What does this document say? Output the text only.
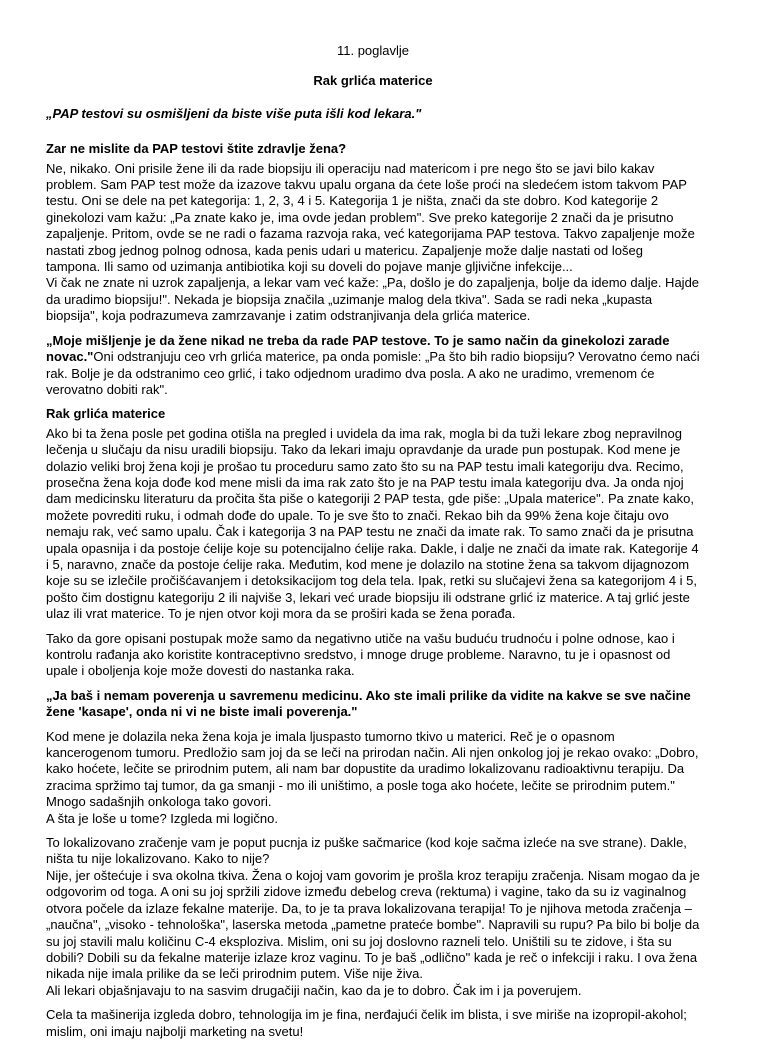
11. poglavlje
Rak grlića materice
„PAP testovi su osmišljeni da biste više puta išli kod lekara."
Zar ne mislite da PAP testovi štite zdravlje žena?
Ne, nikako. Oni prisile žene ili da rade biopsiju ili operaciju nad matericom i pre nego što se javi bilo kakav problem. Sam PAP test može da izazove takvu upalu organa da ćete loše proći na sledećem istom takvom PAP testu. Oni se dele na pet kategorija: 1, 2, 3, 4 i 5. Kategorija 1 je ništa, znači da ste dobro. Kod kategorije 2 ginekolozi vam kažu: „Pa znate kako je, ima ovde jedan problem". Sve preko kategorije 2 znači da je prisutno zapaljenje. Pritom, ovde se ne radi o fazama razvoja raka, već kategorijama PAP testova. Takvo zapaljenje može nastati zbog jednog polnog odnosa, kada penis udari u matericu. Zapaljenje može dalje nastati od lošeg tampona. Ili samo od uzimanja antibiotika koji su doveli do pojave manje gljivične infekcije...
Vi čak ne znate ni uzrok zapaljenja, a lekar vam već kaže: „Pa, došlo je do zapaljenja, bolje da idemo dalje. Hajde da uradimo biopsiju!". Nekada je biopsija značila „uzimanje malog dela tkiva". Sada se radi neka „kupasta biopsija", koja podrazumeva zamrzavanje i zatim odstranjivanja dela grlića materice.
„Moje mišljenje je da žene nikad ne treba da rade PAP testove. To je samo način da ginekolozi zarade novac."Oni odstranjuju ceo vrh grlića materice, pa onda pomisle: „Pa što bih radio biopsiju? Verovatno ćemo naći rak. Bolje je da odstranimo ceo grlić, i tako odjednom uradimo dva posla. A ako ne uradimo, vremenom će verovatno dobiti rak".
Rak grlića materice
Ako bi ta žena posle pet godina otišla na pregled i uvidela da ima rak, mogla bi da tuži lekare zbog nepravilnog lečenja u slučaju da nisu uradili biopsiju. Tako da lekari imaju opravdanje da urade pun postupak. Kod mene je dolazio veliki broj žena koji je prošao tu proceduru samo zato što su na PAP testu imali kategoriju dva. Recimo, prosečna žena koja dođe kod mene misli da ima rak zato što je na PAP testu imala kategoriju dva. Ja onda njoj dam medicinsku literaturu da pročita šta piše o kategoriji 2 PAP testa, gde piše: „Upala materice". Pa znate kako, možete povrediti ruku, i odmah dođe do upale. To je sve što to znači. Rekao bih da 99% žena koje čitaju ovo nemaju rak, već samo upalu. Čak i kategorija 3 na PAP testu ne znači da imate rak. To samo znači da je prisutna upala opasnija i da postoje ćelije koje su potencijalno ćelije raka. Dakle, i dalje ne znači da imate rak. Kategorije 4 i 5, naravno, znače da postoje ćelije raka. Međutim, kod mene je dolazilo na stotine žena sa takvom dijagnozom koje su se izlečile pročišćavanjem i detoksikacijom tog dela tela. Ipak, retki su slučajevi žena sa kategorijom 4 i 5, pošto čim dostignu kategoriju 2 ili najviše 3, lekari već urade biopsiju ili odstrane grlić iz materice. A taj grlić jeste ulaz ili vrat materice. To je njen otvor koji mora da se proširi kada se žena porađa.
Tako da gore opisani postupak može samo da negativno utiče na vašu buduću trudnoću i polne odnose, kao i kontrolu rađanja ako koristite kontraceptivno sredstvo, i mnoge druge probleme. Naravno, tu je i opasnost od upale i oboljenja koje može dovesti do nastanka raka.
„Ja baš i nemam poverenja u savremenu medicinu. Ako ste imali prilike da vidite na kakve se sve načine žene 'kasape', onda ni vi ne biste imali poverenja."
Kod mene je dolazila neka žena koja je imala ljuspasto tumorno tkivo u materici. Reč je o opasnom kancerogenom tumoru. Predložio sam joj da se leči na prirodan način. Ali njen onkolog joj je rekao ovako: „Dobro, kako hoćete, lečite se prirodnim putem, ali nam bar dopustite da uradimo lokalizovanu radioaktivnu terapiju. Da zracima spržimo taj tumor, da ga smanji - mo ili uništimo, a posle toga ako hoćete, lečite se prirodnim putem." Mnogo sadašnjih onkologa tako govori.
A šta je loše u tome? Izgleda mi logično.
To lokalizovano zračenje vam je poput pucnja iz puške sačmarice (kod koje sačma izleće na sve strane). Dakle, ništa tu nije lokalizovano. Kako to nije?
Nije, jer oštećuje i sva okolna tkiva. Žena o kojoj vam govorim je prošla kroz terapiju zračenja. Nisam mogao da je odgovorim od toga. A oni su joj spržili zidove između debelog creva (rektuma) i vagine, tako da su iz vaginalnog otvora počele da izlaze fekalne materije. Da, to je ta prava lokalizovana terapija! To je njihova metoda zračenja – „naučna", „visoko - tehnološka", laserska metoda „pametne prateće bombe". Napravili su rupu? Pa bilo bi bolje da su joj stavili malu količinu C-4 eksploziva. Mislim, oni su joj doslovno razneli telo. Uništili su te zidove, i šta su dobili? Dobili su da fekalne materije izlaze kroz vaginu. To je baš „odlično" kada je reč o infekciji i raku. I ova žena nikada nije imala prilike da se leči prirodnim putem. Više nije živa.
Ali lekari objašnjavaju to na sasvim drugačiji način, kao da je to dobro. Čak im i ja poverujem.
Cela ta mašinerija izgleda dobro, tehnologija im je fina, nerđajući čelik im blista, i sve miriše na izopropil-akohol; mislim, oni imaju najbolji marketing na svetu!
